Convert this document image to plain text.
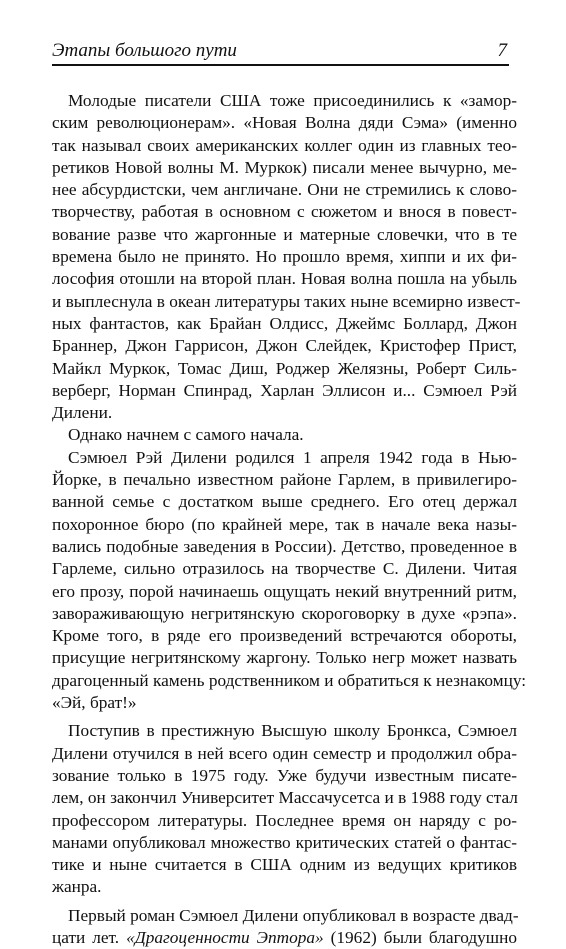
Этапы большого пути	7
Молодые писатели США тоже присоединились к «замор-
ским революционерам». «Новая Волна дяди Сэма» (именно
так называл своих американских коллег один из главных тео-
ретиков Новой волны М. Муркок) писали менее вычурно, ме-
нее абсурдистски, чем англичане. Они не стремились к слово-
творчеству, работая в основном с сюжетом и внося в повест-
вование разве что жаргонные и матерные словечки, что в те
времена было не принято. Но прошло время, хиппи и их фи-
лософия отошли на второй план. Новая волна пошла на убыль
и выплеснула в океан литературы таких ныне всемирно извест-
ных фантастов, как Брайан Олдисс, Джеймс Боллард, Джон
Браннер, Джон Гаррисон, Джон Слейдек, Кристофер Прист,
Майкл Муркок, Томас Диш, Роджер Желязны, Роберт Силь-
верберг, Норман Спинрад, Харлан Эллисон и... Сэмюел Рэй
Дилени.
Однако начнем с самого начала.
Сэмюел Рэй Дилени родился 1 апреля 1942 года в Нью-
Йорке, в печально известном районе Гарлем, в привилегиро-
ванной семье с достатком выше среднего. Его отец держал
похоронное бюро (по крайней мере, так в начале века назы-
вались подобные заведения в России). Детство, проведенное в
Гарлеме, сильно отразилось на творчестве С. Дилени. Читая
его прозу, порой начинаешь ощущать некий внутренний ритм,
завораживающую негритянскую скороговорку в духе «рэпа».
Кроме того, в ряде его произведений встречаются обороты,
присущие негритянскому жаргону. Только негр может назвать
драгоценный камень родственником и обратиться к незнакомцу:
«Эй, брат!»
Поступив в престижную Высшую школу Бронкса, Сэмюел
Дилени отучился в ней всего один семестр и продолжил обра-
зование только в 1975 году. Уже будучи известным писате-
лем, он закончил Университет Массачусетса и в 1988 году стал
профессором литературы. Последнее время он наряду с ро-
манами опубликовал множество критических статей о фантас-
тике и ныне считается в США одним из ведущих критиков
жанра.
Первый роман Сэмюел Дилени опубликовал в возрасте двад-
цати лет. «Драгоценности Эптора» (1962) были благодушно
